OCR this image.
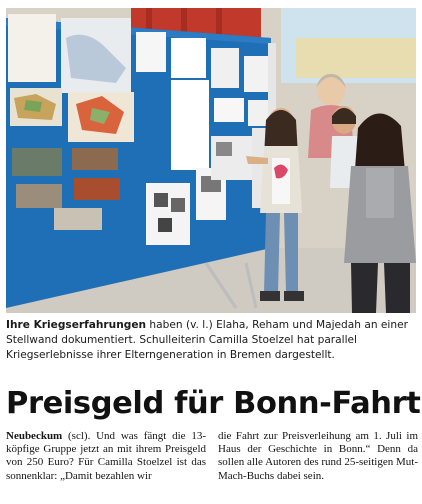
Ihre Kriegserfahrungen haben (v. l.) Elaha, Reham und Majedah an einer Stellwand dokumentiert. Schulleiterin Camilla Stoelzel hat parallel Kriegserlebnisse ihrer Elterngeneration in Bremen dargestellt.

Preisgeld für Bonn-Fahrt

Neubeckum (scl). Und was fängt die 13-köpfige Gruppe jetzt an mit ihrem Preisgeld von 250 Euro? Für Camilla Stoelzel ist das sonnenklar: „Damit bezahlen wir

die Fahrt zur Preisverleihung am 1. Juli im Haus der Geschichte in Bonn.“ Denn da sollen alle Autoren des rund 25-seitigen Mut-Mach-Buchs dabei sein.
